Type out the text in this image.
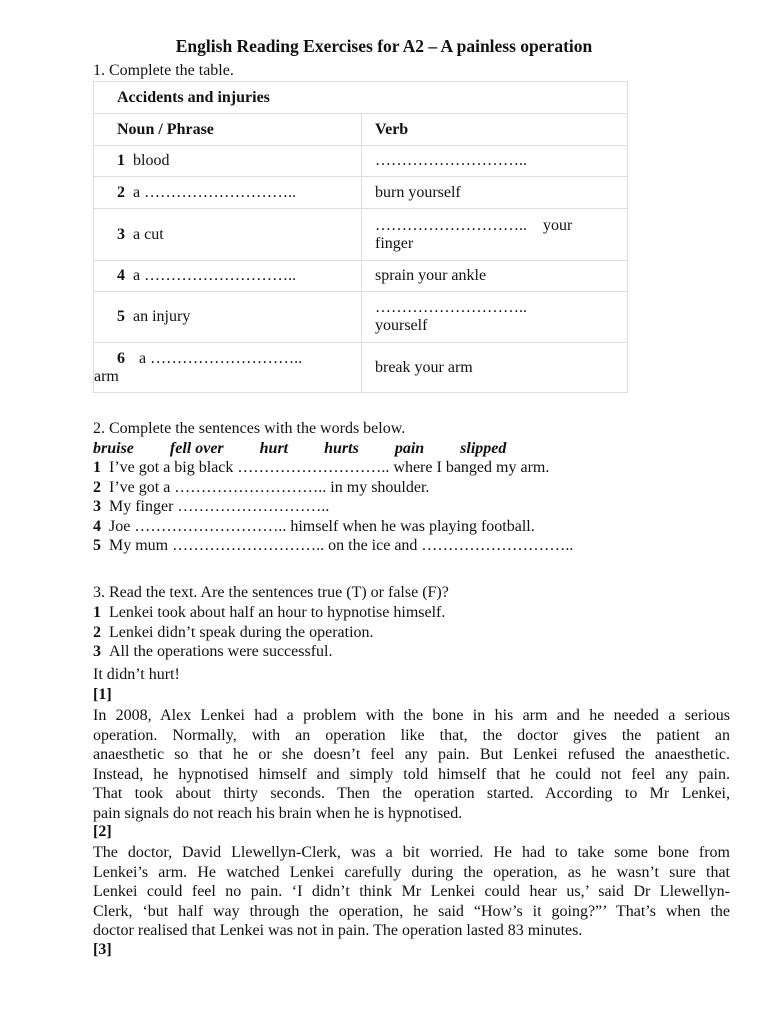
English Reading Exercises for A2 – A painless operation
1. Complete the table.
Accidents and injuries	
Noun / Phrase	Verb
1 blood	………………………..
2 a ………………………..	burn yourself
3 a cut	………………………..    your
finger

4 a ………………………..	sprain your ankle
5 an injury	………………………..
yourself

6 a ………………………..
arm	break your arm
2. Complete the sentences with the words below.
bruise fell over hurt hurts pain slipped
1 I’ve got a big black ……………………….. where I banged my arm.
2 I’ve got a ……………………….. in my shoulder.
3 My finger ………………………..
4 Joe ……………………….. himself when he was playing football.
5 My mum ……………………….. on the ice and ………………………..
3. Read the text. Are the sentences true (T) or false (F)?
1 Lenkei took about half an hour to hypnotise himself.
2 Lenkei didn’t speak during the operation.
3 All the operations were successful.
It didn’t hurt!
[1]
In 2008, Alex Lenkei had a problem with the bone in his arm and he needed a serious
operation. Normally, with an operation like that, the doctor gives the patient an
anaesthetic so that he or she doesn’t feel any pain. But Lenkei refused the anaesthetic.
Instead, he hypnotised himself and simply told himself that he could not feel any pain.
That took about thirty seconds. Then the operation started. According to Mr Lenkei,
pain signals do not reach his brain when he is hypnotised.
[2]
The doctor, David Llewellyn-Clerk, was a bit worried. He had to take some bone from
Lenkei’s arm. He watched Lenkei carefully during the operation, as he wasn’t sure that
Lenkei could feel no pain. ‘I didn’t think Mr Lenkei could hear us,’ said Dr Llewellyn-
Clerk, ‘but half way through the operation, he said “How’s it going?”’ That’s when the
doctor realised that Lenkei was not in pain. The operation lasted 83 minutes.
[3]
